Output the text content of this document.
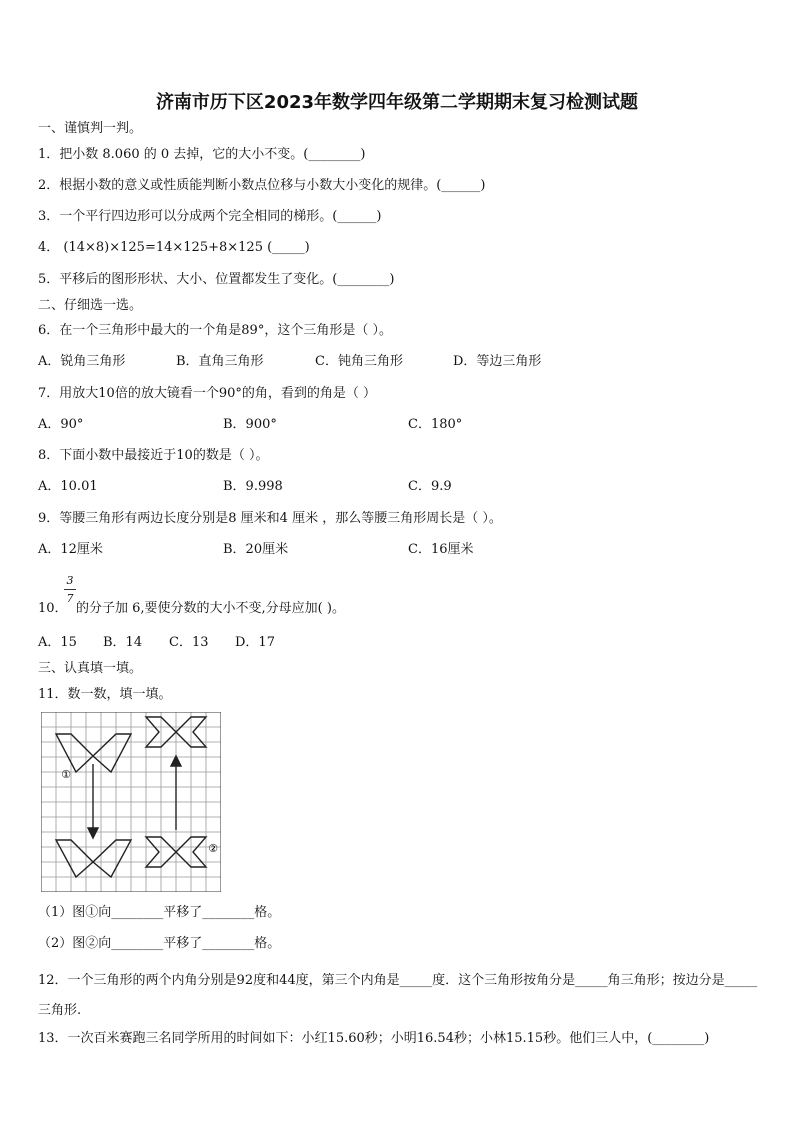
济南市历下区2023年数学四年级第二学期期末复习检测试题
一、谨慎判一判。
1．把小数 8.060 的 0 去掉，它的大小不变。(________)
2．根据小数的意义或性质能判断小数点位移与小数大小变化的规律。(______)
3．一个平行四边形可以分成两个完全相同的梯形。(______)
4． (14×8)×125=14×125+8×125 (_____)
5．平移后的图形形状、大小、位置都发生了变化。(________)
二、仔细选一选。
6．在一个三角形中最大的一个角是89°，这个三角形是（ ）。
A．锐角三角形	B．直角三角形	C．钝角三角形	D．等边三角形
7．用放大10倍的放大镜看一个90°的角，看到的角是（ ）
A．90°	B．900°	C．180°
8．下面小数中最接近于10的数是（ ）。
A．10.01	B．9.998	C．9.9
9．等腰三角形有两边长度分别是8 厘米和4 厘米 ，那么等腰三角形周长是（ ）。
A．12厘米	B．20厘米	C．16厘米
3
7
10． 的分子加 6,要使分数的大小不变,分母应加( )。
A．15 B．14 C．13 D．17
三、认真填一填。
11．数一数，填一填。
①
②
（1）图①向________平移了________格。
（2）图②向________平移了________格。
12．一个三角形的两个内角分别是92度和44度，第三个内角是_____度．这个三角形按角分是_____角三角形；按边分是_____三角形.
13．一次百米赛跑三名同学所用的时间如下：小红15.60秒；小明16.54秒；小林15.15秒。他们三人中，(________)
